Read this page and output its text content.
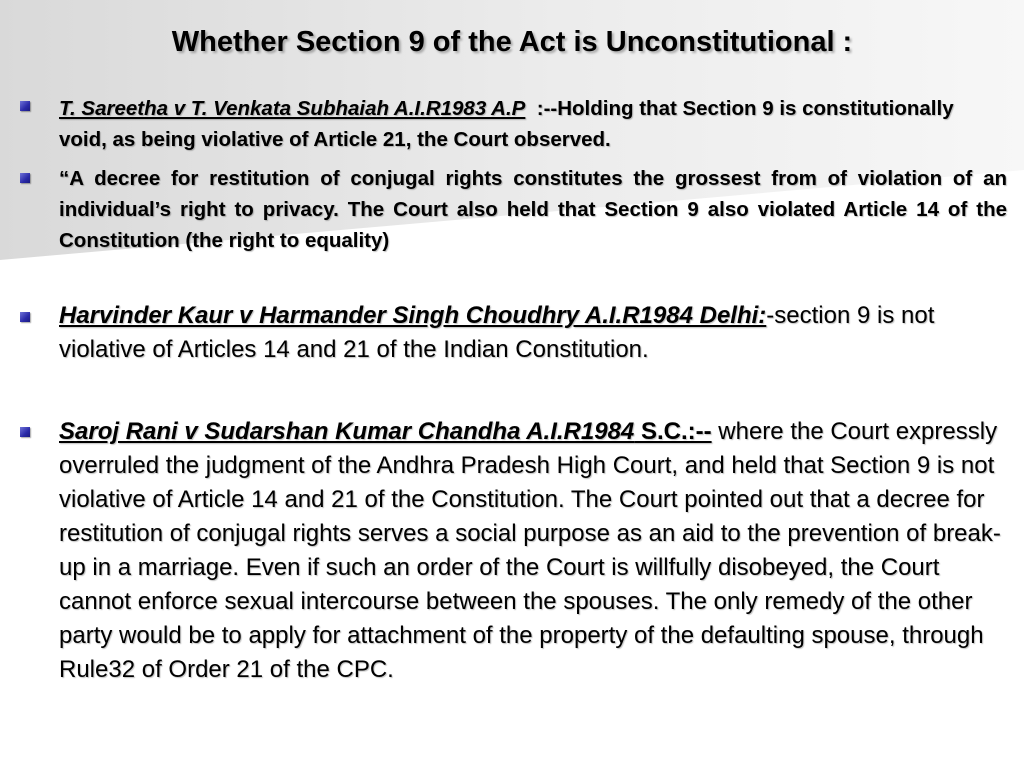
Whether Section 9 of the Act is Unconstitutional :
T. Sareetha v T. Venkata Subhaiah A.I.R1983 A.P  :--Holding that Section 9 is constitutionally void, as being violative of Article 21, the Court observed.
“A decree for restitution of conjugal rights constitutes the grossest from of violation of an individual’s right to privacy. The Court also held that Section 9 also violated Article 14 of the Constitution (the right to equality)
Harvinder Kaur v Harmander Singh Choudhry A.I.R1984 Delhi:-section 9 is not violative of Articles 14 and 21 of the Indian Constitution.
Saroj Rani v Sudarshan Kumar Chandha A.I.R1984 S.C.:-- where the Court expressly overruled the judgment of the Andhra Pradesh High Court, and held that Section 9 is not violative of Article 14 and 21 of the Constitution. The Court pointed out that a decree for restitution of conjugal rights serves a social purpose as an aid to the prevention of break-up in a marriage. Even if such an order of the Court is willfully disobeyed, the Court cannot enforce sexual intercourse between the spouses. The only remedy of the other party would be to apply for attachment of the property of the defaulting spouse, through Rule32 of Order 21 of the CPC.
